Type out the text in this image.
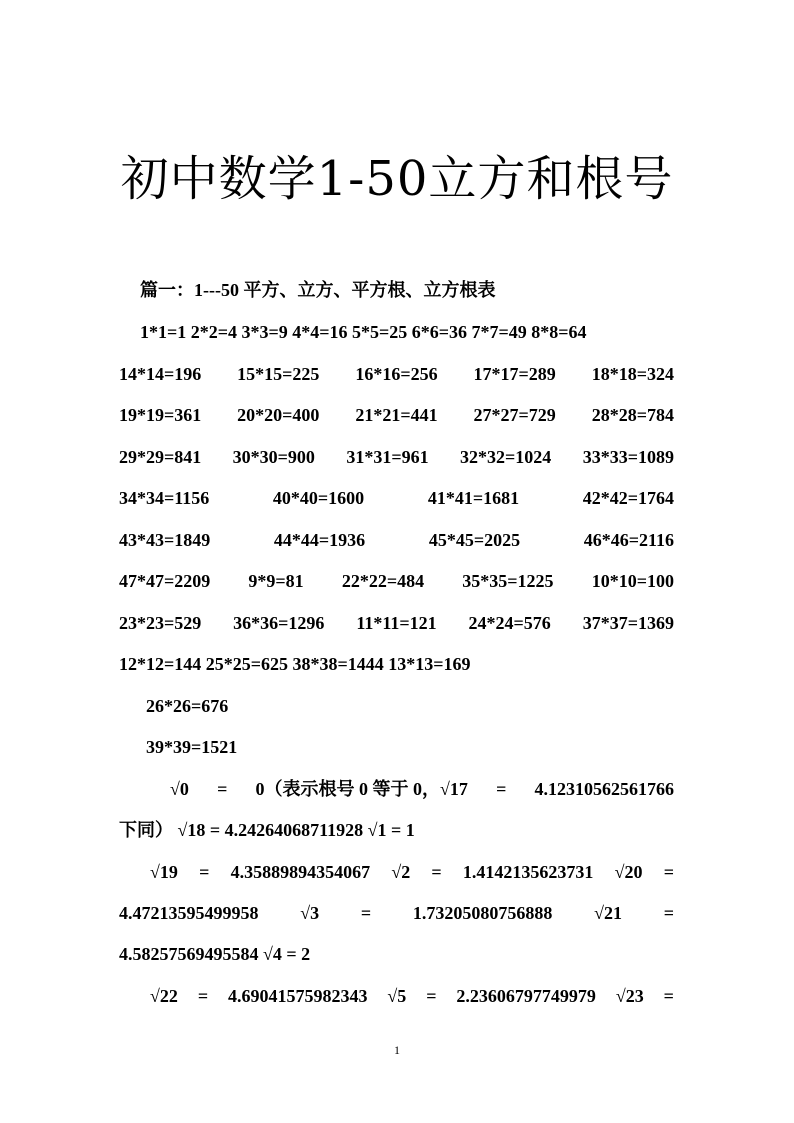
初中数学1-50立方和根号
篇一：1---50 平方、立方、平方根、立方根表
1*1=1 2*2=4 3*3=9 4*4=16 5*5=25 6*6=36 7*7=49 8*8=64
14*14=196 15*15=225 16*16=256 17*17=289 18*18=324
19*19=361 20*20=400 21*21=441 27*27=729 28*28=784
29*29=841 30*30=900 31*31=961 32*32=1024 33*33=1089
34*34=1156	40*40=1600	41*41=1681	42*42=1764
43*43=1849	44*44=1936	45*45=2025	46*46=2116
47*47=2209 9*9=81 22*22=484 35*35=1225 10*10=100
23*23=529 36*36=1296 11*11=121 24*24=576 37*37=1369
12*12=144 25*25=625 38*38=1444 13*13=169
26*26=676
39*39=1521
√0 = 0（表示根号 0 等于 0，√17 = 4.12310562561766
下同） √18 = 4.24264068711928 √1 = 1
√19 = 4.35889894354067 √2 = 1.4142135623731 √20 =
4.47213595499958 √3 = 1.73205080756888 √21 =
4.58257569495584 √4 = 2
√22 = 4.69041575982343 √5 = 2.23606797749979 √23 =
1
